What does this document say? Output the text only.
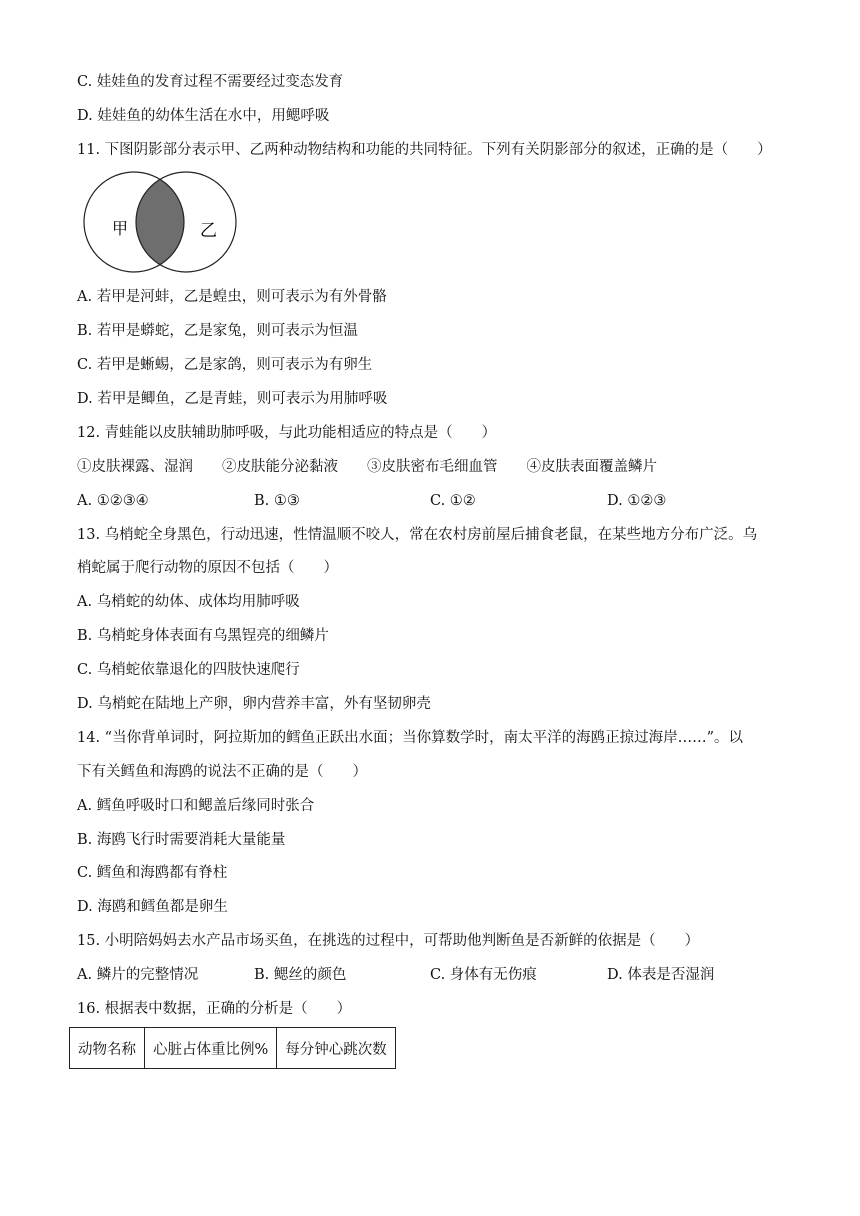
C. 娃娃鱼的发育过程不需要经过变态发育
D. 娃娃鱼的幼体生活在水中，用鳃呼吸
11. 下图阴影部分表示甲、乙两种动物结构和功能的共同特征。下列有关阴影部分的叙述，正确的是（　　）
甲	乙
A. 若甲是河蚌，乙是蝗虫，则可表示为有外骨骼
B. 若甲是蟒蛇，乙是家兔，则可表示为恒温
C. 若甲是蜥蜴，乙是家鸽，则可表示为有卵生
D. 若甲是鲫鱼，乙是青蛙，则可表示为用肺呼吸
12. 青蛙能以皮肤辅助肺呼吸，与此功能相适应的特点是（　　）
①皮肤裸露、湿润　　②皮肤能分泌黏液　　③皮肤密布毛细血管　　④皮肤表面覆盖鳞片
A. ①②③④	B. ①③	C. ①②	D. ①②③
13. 乌梢蛇全身黑色，行动迅速，性情温顺不咬人，常在农村房前屋后捕食老鼠，在某些地方分布广泛。乌
梢蛇属于爬行动物的原因不包括（　　）
A. 乌梢蛇的幼体、成体均用肺呼吸
B. 乌梢蛇身体表面有乌黑锃亮的细鳞片
C. 乌梢蛇依靠退化的四肢快速爬行
D. 乌梢蛇在陆地上产卵，卵内营养丰富，外有坚韧卵壳
14. “当你背单词时，阿拉斯加的鳕鱼正跃出水面；当你算数学时，南太平洋的海鸥正掠过海岸……”。以
下有关鳕鱼和海鸥的说法不正确的是（　　）
A. 鳕鱼呼吸时口和鳃盖后缘同时张合
B. 海鸥飞行时需要消耗大量能量
C. 鳕鱼和海鸥都有脊柱
D. 海鸥和鳕鱼都是卵生
15. 小明陪妈妈去水产品市场买鱼，在挑选的过程中，可帮助他判断鱼是否新鲜的依据是（　　）
A. 鳞片的完整情况	B. 鳃丝的颜色	C. 身体有无伤痕	D. 体表是否湿润
16. 根据表中数据，正确的分析是（　　）
动物名称	心脏占体重比例%	每分钟心跳次数
